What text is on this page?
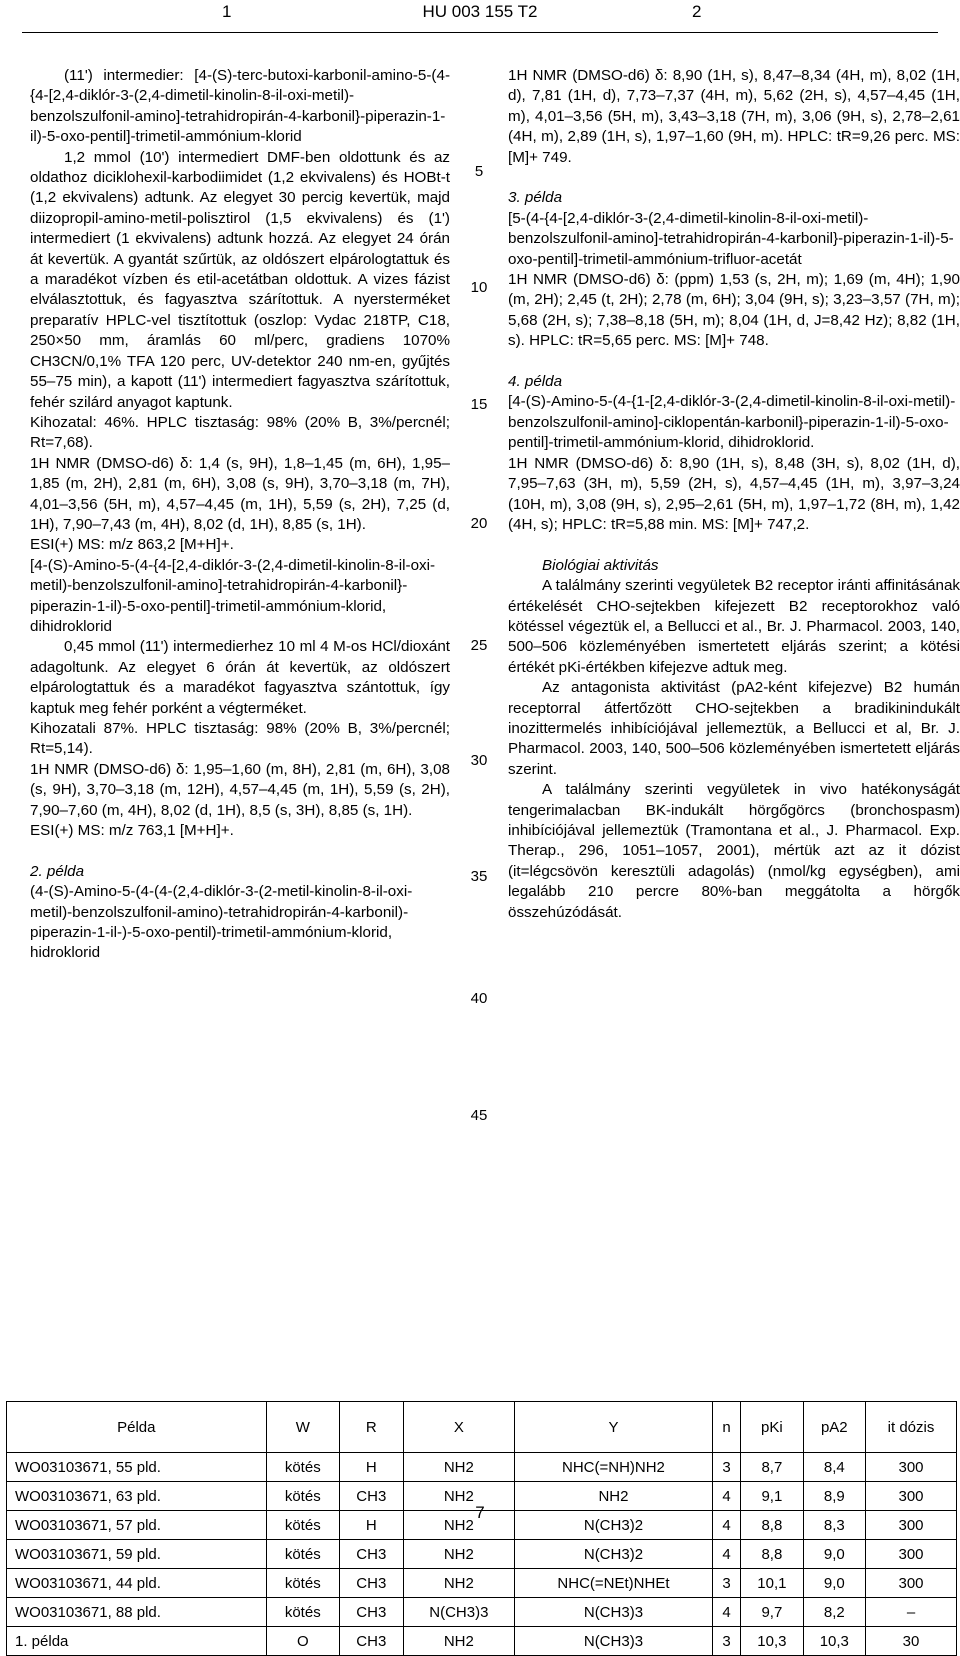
1	HU 003 155 T2	2

(11') intermedier: [4-(S)-terc-butoxi-karbonil-amino-5-(4-{4-[2,4-diklór-3-(2,4-dimetil-kinolin-8-il-oxi-metil)-benzolszulfonil-amino]-tetrahidropirán-4-karbonil}-piperazin-1-il)-5-oxo-pentil]-trimetil-ammónium-klorid

1,2 mmol (10') intermediert DMF-ben oldottunk és az oldathoz diciklohexil-karbodiimidet (1,2 ekvivalens) és HOBt-t (1,2 ekvivalens) adtunk. Az elegyet 30 percig kevertük, majd diizopropil-amino-metil-polisztirol (1,5 ekvivalens) és (1') intermediert (1 ekvivalens) adtunk hozzá. Az elegyet 24 órán át kevertük. A gyantát szűrtük, az oldószert elpárologtattuk és a maradékot vízben és etil-acetátban oldottuk. A vizes fázist elválasztottuk, és fagyasztva szárítottuk. A nyersterméket preparatív HPLC-vel tisztítottuk (oszlop: Vydac 218TP, C18, 250×50 mm, áramlás 60 ml/perc, gradiens 1070% CH3CN/0,1% TFA 120 perc, UV-detektor 240 nm-en, gyűjtés 55–75 min), a kapott (11') intermediert fagyasztva szárítottuk, fehér szilárd anyagot kaptunk.

Kihozatal: 46%. HPLC tisztaság: 98% (20% B, 3%/percnél; Rt=7,68).

1H NMR (DMSO-d6) δ: 1,4 (s, 9H), 1,8–1,45 (m, 6H), 1,95–1,85 (m, 2H), 2,81 (m, 6H), 3,08 (s, 9H), 3,70–3,18 (m, 7H), 4,01–3,56 (5H, m), 4,57–4,45 (m, 1H), 5,59 (s, 2H), 7,25 (d, 1H), 7,90–7,43 (m, 4H), 8,02 (d, 1H), 8,85 (s, 1H).

ESI(+) MS: m/z 863,2 [M+H]+.

[4-(S)-Amino-5-(4-{4-[2,4-diklór-3-(2,4-dimetil-kinolin-8-il-oxi-metil)-benzolszulfonil-amino]-tetrahidropirán-4-karbonil}-piperazin-1-il)-5-oxo-pentil]-trimetil-ammónium-klorid, dihidroklorid

0,45 mmol (11') intermedierhez 10 ml 4 M-os HCl/dioxánt adagoltunk. Az elegyet 6 órán át kevertük, az oldószert elpárologtattuk és a maradékot fagyasztva szántottuk, így kaptuk meg fehér porként a végterméket.

Kihozatali 87%. HPLC tisztaság: 98% (20% B, 3%/percnél; Rt=5,14).

1H NMR (DMSO-d6) δ: 1,95–1,60 (m, 8H), 2,81 (m, 6H), 3,08 (s, 9H), 3,70–3,18 (m, 12H), 4,57–4,45 (m, 1H), 5,59 (s, 2H), 7,90–7,60 (m, 4H), 8,02 (d, 1H), 8,5 (s, 3H), 8,85 (s, 1H).

ESI(+) MS: m/z 763,1 [M+H]+.

2. példa

(4-(S)-Amino-5-(4-(4-(2,4-diklór-3-(2-metil-kinolin-8-il-oxi-metil)-benzolszulfonil-amino)-tetrahidropirán-4-karbonil)-piperazin-1-il-)-5-oxo-pentil)-trimetil-ammónium-klorid, hidroklorid

1H NMR (DMSO-d6) δ: 8,90 (1H, s), 8,47–8,34 (4H, m), 8,02 (1H, d), 7,81 (1H, d), 7,73–7,37 (4H, m), 5,62 (2H, s), 4,57–4,45 (1H, m), 4,01–3,56 (5H, m), 3,43–3,18 (7H, m), 3,06 (9H, s), 2,78–2,61 (4H, m), 2,89 (1H, s), 1,97–1,60 (9H, m). HPLC: tR=9,26 perc. MS: [M]+ 749.

3. példa

[5-(4-{4-[2,4-diklór-3-(2,4-dimetil-kinolin-8-il-oxi-metil)-benzolszulfonil-amino]-tetrahidropirán-4-karbonil}-piperazin-1-il)-5-oxo-pentil]-trimetil-ammónium-trifluor-acetát

1H NMR (DMSO-d6) δ: (ppm) 1,53 (s, 2H, m); 1,69 (m, 4H); 1,90 (m, 2H); 2,45 (t, 2H); 2,78 (m, 6H); 3,04 (9H, s); 3,23–3,57 (7H, m); 5,68 (2H, s); 7,38–8,18 (5H, m); 8,04 (1H, d, J=8,42 Hz); 8,82 (1H, s). HPLC: tR=5,65 perc. MS: [M]+ 748.

4. példa

[4-(S)-Amino-5-(4-{1-[2,4-diklór-3-(2,4-dimetil-kinolin-8-il-oxi-metil)-benzolszulfonil-amino]-ciklopentán-karbonil}-piperazin-1-il)-5-oxo-pentil]-trimetil-ammónium-klorid, dihidroklorid.

1H NMR (DMSO-d6) δ: 8,90 (1H, s), 8,48 (3H, s), 8,02 (1H, d), 7,95–7,63 (3H, m), 5,59 (2H, s), 4,57–4,45 (1H, m), 3,97–3,24 (10H, m), 3,08 (9H, s), 2,95–2,61 (5H, m), 1,97–1,72 (8H, m), 1,42 (4H, s); HPLC: tR=5,88 min. MS: [M]+ 747,2.

Biológiai aktivitás

A találmány szerinti vegyületek B2 receptor iránti affinitásának értékelését CHO-sejtekben kifejezett B2 receptorokhoz való kötéssel végeztük el, a Bellucci et al., Br. J. Pharmacol. 2003, 140, 500–506 közleményében ismertetett eljárás szerint; a kötési értékét pKi-értékben kifejezve adtuk meg.

Az antagonista aktivitást (pA2-ként kifejezve) B2 humán receptorral átfertőzött CHO-sejtekben a bradikinindukált inozittermelés inhibíciójával jellemeztük, a Bellucci et al, Br. J. Pharmacol. 2003, 140, 500–506 közleményében ismertetett eljárás szerint.

A találmány szerinti vegyületek in vivo hatékonyságát tengerimalacban BK-indukált hörgőgörcs (bronchospasm) inhibíciójával jellemeztük (Tramontana et al., J. Pharmacol. Exp. Therap., 296, 1051–1057, 2001), mértük azt az it dózist (it=légcsövön keresztüli adagolás) (nmol/kg egységben), ami legalább 210 percre 80%-ban meggátolta a hörgők összehúzódását.

5
10
15
20
25
30
35
40
45
Példa	W	R	X	Y	n	pKi	pA2	it dózis
WO03103671, 55 pld.	kötés	H	NH2	NHC(=NH)NH2	3	8,7	8,4	300
WO03103671, 63 pld.	kötés	CH3	NH2	NH2	4	9,1	8,9	300
WO03103671, 57 pld.	kötés	H	NH2	N(CH3)2	4	8,8	8,3	300
WO03103671, 59 pld.	kötés	CH3	NH2	N(CH3)2	4	8,8	9,0	300
WO03103671, 44 pld.	kötés	CH3	NH2	NHC(=NEt)NHEt	3	10,1	9,0	300
WO03103671, 88 pld.	kötés	CH3	N(CH3)3	N(CH3)3	4	9,7	8,2	–
1. példa	O	CH3	NH2	N(CH3)3	3	10,3	10,3	30
7
